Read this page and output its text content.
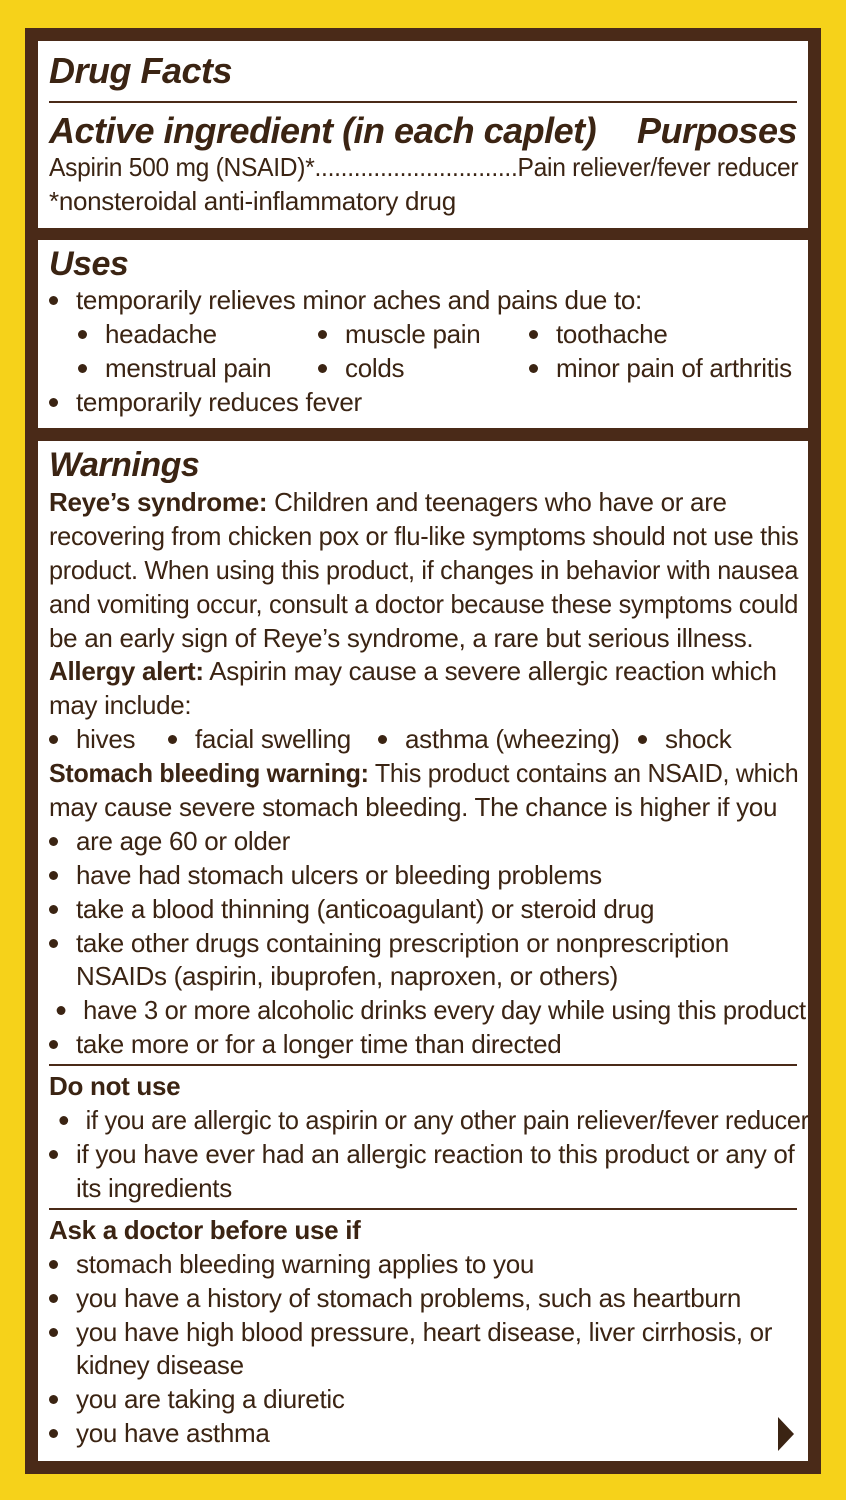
Drug Facts
Active ingredient (in each caplet) Purposes
Aspirin 500 mg (NSAID)*...............................Pain reliever/fever reducer
*nonsteroidal anti-inflammatory drug
Uses
temporarily relieves minor aches and pains due to:
headache	muscle pain	toothache
menstrual pain	colds	minor pain of arthritis
temporarily reduces fever
Warnings
Reye’s syndrome: Children and teenagers who have or are
recovering from chicken pox or flu-like symptoms should not use this
product. When using this product, if changes in behavior with nausea
and vomiting occur, consult a doctor because these symptoms could
be an early sign of Reye’s syndrome, a rare but serious illness.
Allergy alert: Aspirin may cause a severe allergic reaction which
may include:
hives	facial swelling	asthma (wheezing)	shock
Stomach bleeding warning: This product contains an NSAID, which
may cause severe stomach bleeding. The chance is higher if you
are age 60 or older
have had stomach ulcers or bleeding problems
take a blood thinning (anticoagulant) or steroid drug
take other drugs containing prescription or nonprescription
NSAIDs (aspirin, ibuprofen, naproxen, or others)
have 3 or more alcoholic drinks every day while using this product
take more or for a longer time than directed
Do not use
if you are allergic to aspirin or any other pain reliever/fever reducer
if you have ever had an allergic reaction to this product or any of
its ingredients
Ask a doctor before use if
stomach bleeding warning applies to you
you have a history of stomach problems, such as heartburn
you have high blood pressure, heart disease, liver cirrhosis, or
kidney disease
you are taking a diuretic
you have asthma
